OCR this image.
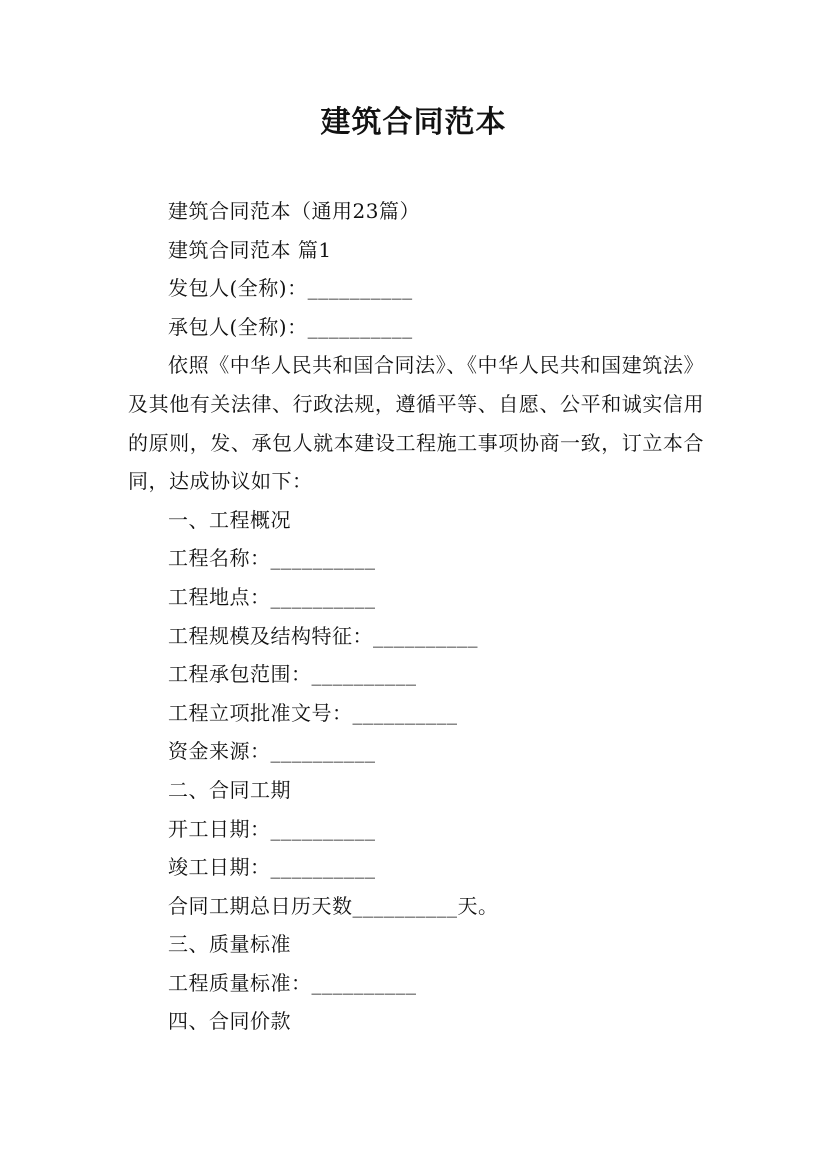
建筑合同范本
建筑合同范本（通用23篇）
建筑合同范本 篇1
发包人(全称)：__________
承包人(全称)：__________
依照《中华人民共和国合同法》、《中华人民共和国建筑法》及其他有关法律、行政法规，遵循平等、自愿、公平和诚实信用的原则，发、承包人就本建设工程施工事项协商一致，订立本合同，达成协议如下：
一、工程概况
工程名称：__________
工程地点：__________
工程规模及结构特征：__________
工程承包范围：__________
工程立项批准文号：__________
资金来源：__________
二、合同工期
开工日期：__________
竣工日期：__________
合同工期总日历天数__________天。
三、质量标准
工程质量标准：__________
四、合同价款
